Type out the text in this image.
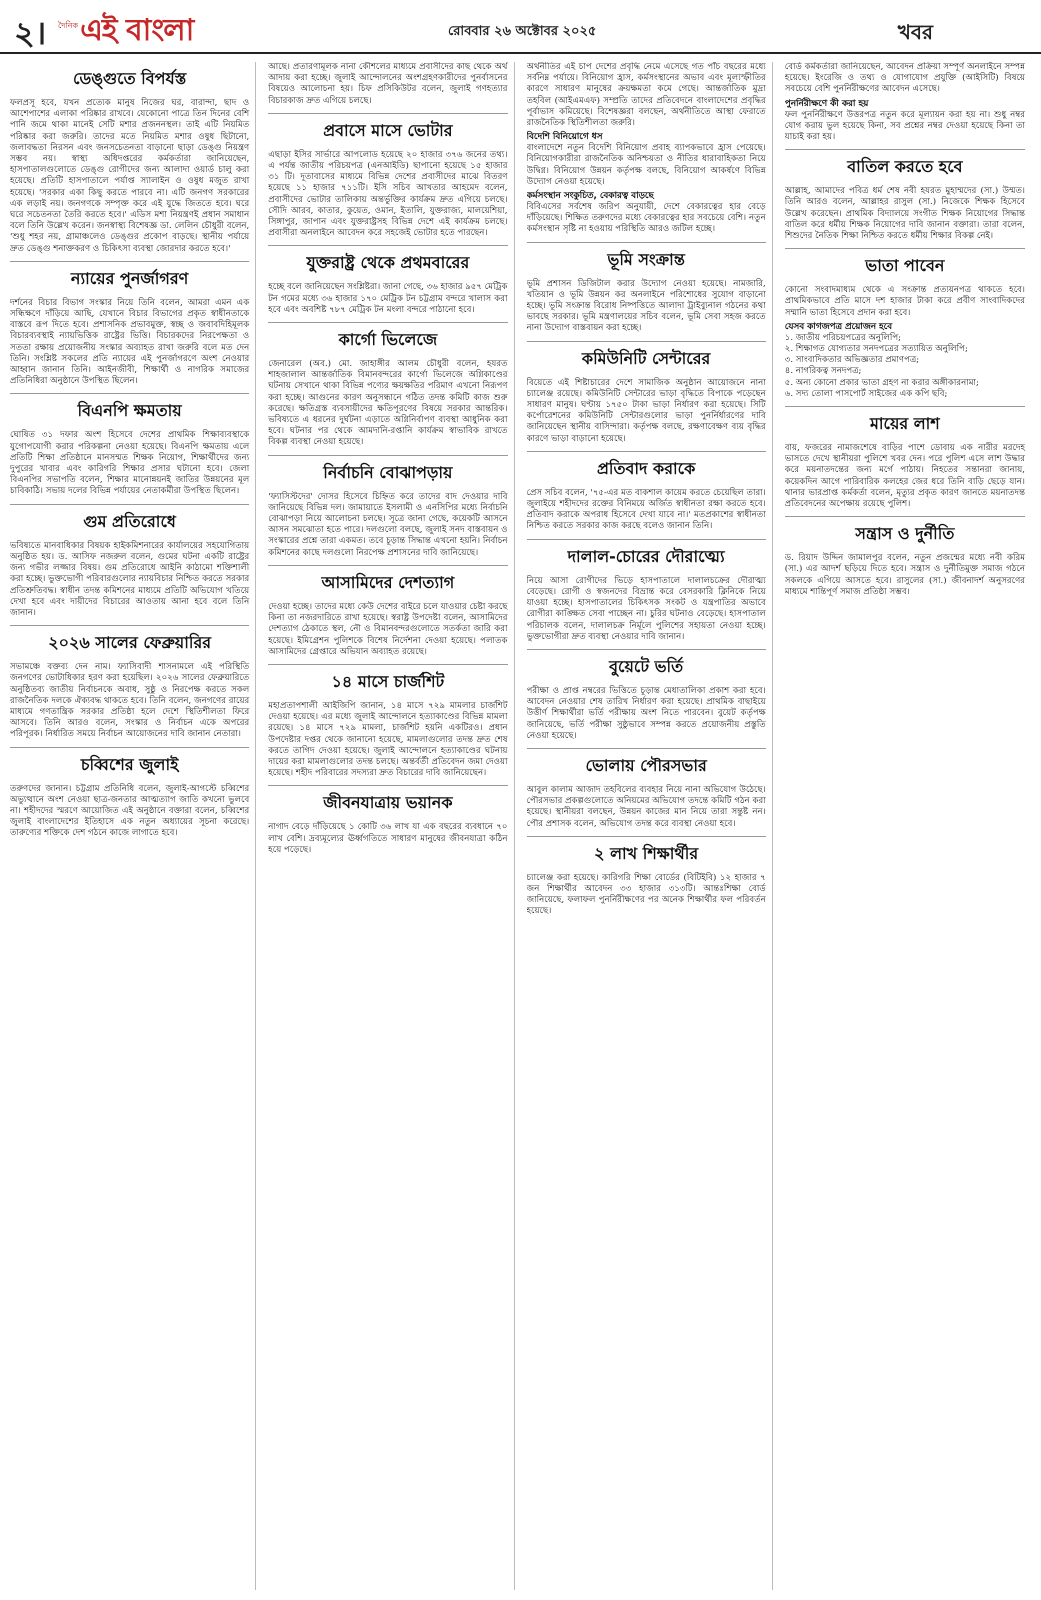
২। দৈনিক এই বাংলা	রোববার ২৬ অক্টোবর ২০২৫	খবর
ডেঙ্গুতে বিপর্যস্ত
ফলপ্রসূ হবে, যখন প্রত্যেক মানুষ নিজের ঘর, বারান্দা, ছাদ ও আশেপাশের এলাকা পরিষ্কার রাখবে। যেকোনো পাত্রে তিন দিনের বেশি পানি জমে থাকা মানেই সেটি মশার প্রজননস্থল। তাই এটি নিয়মিত পরিষ্কার করা জরুরি। তাদের মতে নিয়মিত মশার ওষুধ ছিটানো, জলাবদ্ধতা নিরসন এবং জনসচেতনতা বাড়ানো ছাড়া ডেঙ্গু নিয়ন্ত্রণ সম্ভব নয়। স্বাস্থ্য অধিদপ্তরের কর্মকর্তারা জানিয়েছেন, হাসপাতালগুলোতে ডেঙ্গু রোগীদের জন্য আলাদা ওয়ার্ড চালু করা হয়েছে। প্রতিটি হাসপাতালে পর্যাপ্ত স্যালাইন ও ওষুধ মজুত রাখা হয়েছে। 'সরকার একা কিছু করতে পারবে না। এটি জনগণ সরকারের এক লড়াই নয়। জনগণকে সম্পৃক্ত করে এই যুদ্ধে জিততে হবে। ঘরে ঘরে সচেতনতা তৈরি করতে হবে।' এডিস মশা নিয়ন্ত্রণই প্রধান সমাধান বলে তিনি উল্লেখ করেন। জনস্বাস্থ্য বিশেষজ্ঞ ডা. লেলিন চৌধুরী বলেন, 'শুধু শহর নয়, গ্রামাঞ্চলেও ডেঙ্গুর প্রকোপ বাড়ছে। স্থানীয় পর্যায়ে দ্রুত ডেঙ্গু শনাক্তকরণ ও চিকিৎসা ব্যবস্থা জোরদার করতে হবে।'
ন্যায়ের পুনর্জাগরণ
দর্শনের বিচার বিভাগ সংস্কার নিয়ে তিনি বলেন, আমরা এমন এক সন্ধিক্ষণে দাঁড়িয়ে আছি, যেখানে বিচার বিভাগের প্রকৃত স্বাধীনতাকে বাস্তবে রূপ দিতে হবে। প্রশাসনিক প্রভাবমুক্ত, স্বচ্ছ ও জবাবদিহিমূলক বিচারব্যবস্থাই ন্যায়ভিত্তিক রাষ্ট্রের ভিত্তি। বিচারকদের নিরপেক্ষতা ও সততা রক্ষায় প্রয়োজনীয় সংস্কার অব্যাহত রাখা জরুরি বলে মত দেন তিনি। সংশ্লিষ্ট সকলের প্রতি ন্যায়ের এই পুনর্জাগরণে অংশ নেওয়ার আহ্বান জানান তিনি। আইনজীবী, শিক্ষার্থী ও নাগরিক সমাজের প্রতিনিধিরা অনুষ্ঠানে উপস্থিত ছিলেন।
বিএনপি ক্ষমতায়
ঘোষিত ৩১ দফার অংশ হিসেবে দেশের প্রাথমিক শিক্ষাব্যবস্থাকে যুগোপযোগী করার পরিকল্পনা নেওয়া হয়েছে। বিএনপি ক্ষমতায় এলে প্রতিটি শিক্ষা প্রতিষ্ঠানে মানসম্মত শিক্ষক নিয়োগ, শিক্ষার্থীদের জন্য দুপুরের খাবার এবং কারিগরি শিক্ষার প্রসার ঘটানো হবে। জেলা বিএনপির সভাপতি বলেন, শিক্ষার মানোন্নয়নই জাতির উন্নয়নের মূল চাবিকাঠি। সভায় দলের বিভিন্ন পর্যায়ের নেতাকর্মীরা উপস্থিত ছিলেন।
গুম প্রতিরোধে
ভবিষ্যতে মানবাধিকার বিষয়ক হাইকমিশনারের কার্যালয়ের সহযোগিতায় অনুষ্ঠিত হয়। ড. আসিফ নজরুল বলেন, গুমের ঘটনা একটি রাষ্ট্রের জন্য গভীর লজ্জার বিষয়। গুম প্রতিরোধে আইনি কাঠামো শক্তিশালী করা হচ্ছে। ভুক্তভোগী পরিবারগুলোর ন্যায়বিচার নিশ্চিত করতে সরকার প্রতিশ্রুতিবদ্ধ। স্বাধীন তদন্ত কমিশনের মাধ্যমে প্রতিটি অভিযোগ খতিয়ে দেখা হবে এবং দায়ীদের বিচারের আওতায় আনা হবে বলে তিনি জানান।
২০২৬ সালের ফেব্রুয়ারির
সভামঞ্চে বক্তব্য দেন নাম। ফ্যাসিবাদী শাসনামলে এই পরিস্থিতি জনগণের ভোটাধিকার হরণ করা হয়েছিল। ২০২৬ সালের ফেব্রুয়ারিতে অনুষ্ঠিতব্য জাতীয় নির্বাচনকে অবাধ, সুষ্ঠু ও নিরপেক্ষ করতে সকল রাজনৈতিক দলকে ঐক্যবদ্ধ থাকতে হবে। তিনি বলেন, জনগণের রায়ের মাধ্যমে গণতান্ত্রিক সরকার প্রতিষ্ঠা হলে দেশে স্থিতিশীলতা ফিরে আসবে। তিনি আরও বলেন, সংস্কার ও নির্বাচন একে অপরের পরিপূরক। নির্ধারিত সময়ে নির্বাচন আয়োজনের দাবি জানান নেতারা।
চব্বিশের জুলাই
তরুণদের জানান। চট্টগ্রাম প্রতিনিধি বলেন, জুলাই-আগস্টে চব্বিশের অভ্যুত্থানে অংশ নেওয়া ছাত্র-জনতার আত্মত্যাগ জাতি কখনো ভুলবে না। শহীদদের স্মরণে আয়োজিত এই অনুষ্ঠানে বক্তারা বলেন, চব্বিশের জুলাই বাংলাদেশের ইতিহাসে এক নতুন অধ্যায়ের সূচনা করেছে। তারুণ্যের শক্তিকে দেশ গঠনে কাজে লাগাতে হবে।
আছে। প্রতারণামূলক নানা কৌশলের মাধ্যমে প্রবাসীদের কাছ থেকে অর্থ আদায় করা হচ্ছে। জুলাই আন্দোলনের অংশগ্রহণকারীদের পুনর্বাসনের বিষয়েও আলোচনা হয়। চিফ প্রসিকিউটর বলেন, জুলাই গণহত্যার বিচারকাজ দ্রুত এগিয়ে চলছে।
প্রবাসে মাসে ভোটার
এছাড়া ইসির সার্ভারে আপলোড হয়েছে ২০ হাজার ৩৭৬ জনের তথ্য। এ পর্যন্ত জাতীয় পরিচয়পত্র (এনআইডি) ছাপানো হয়েছে ১৫ হাজার ৩১ টি। দূতাবাসের মাধ্যমে বিভিন্ন দেশের প্রবাসীদের মাঝে বিতরণ হয়েছে ১১ হাজার ৭১১টি। ইসি সচিব আখতার আহমেদ বলেন, প্রবাসীদের ভোটার তালিকায় অন্তর্ভুক্তির কার্যক্রম দ্রুত এগিয়ে চলছে। সৌদি আরব, কাতার, কুয়েত, ওমান, ইতালি, যুক্তরাজ্য, মালয়েশিয়া, সিঙ্গাপুর, জাপান এবং যুক্তরাষ্ট্রসহ বিভিন্ন দেশে এই কার্যক্রম চলছে। প্রবাসীরা অনলাইনে আবেদন করে সহজেই ভোটার হতে পারছেন।
যুক্তরাষ্ট্র থেকে প্রথমবারের
হচ্ছে বলে জানিয়েছেন সংশ্লিষ্টরা। জানা গেছে, ৩৬ হাজার ৯৫৭ মেট্রিক টন গমের মধ্যে ৩৬ হাজার ১৭০ মেট্রিক টন চট্টগ্রাম বন্দরে খালাস করা হবে এবং অবশিষ্ট ৭৮৭ মেট্রিক টন মংলা বন্দরে পাঠানো হবে।
কার্গো ভিলেজে
জেনারেল (অব.) মো. জাহাঙ্গীর আলম চৌধুরী বলেন, হযরত শাহজালাল আন্তর্জাতিক বিমানবন্দরের কার্গো ভিলেজে অগ্নিকাণ্ডের ঘটনায় সেখানে থাকা বিভিন্ন পণ্যের ক্ষয়ক্ষতির পরিমাণ এখনো নিরূপণ করা হচ্ছে। আগুনের কারণ অনুসন্ধানে গঠিত তদন্ত কমিটি কাজ শুরু করেছে। ক্ষতিগ্রস্ত ব্যবসায়ীদের ক্ষতিপূরণের বিষয়ে সরকার আন্তরিক। ভবিষ্যতে এ ধরনের দুর্ঘটনা এড়াতে অগ্নিনির্বাপণ ব্যবস্থা আধুনিক করা হবে। ঘটনার পর থেকে আমদানি-রপ্তানি কার্যক্রম স্বাভাবিক রাখতে বিকল্প ব্যবস্থা নেওয়া হয়েছে।
নির্বাচনি বোঝাপড়ায়
'ফ্যাসিস্টদের' দোসর হিসেবে চিহ্নিত করে তাদের বাদ দেওয়ার দাবি জানিয়েছে বিভিন্ন দল। জামায়াতে ইসলামী ও এনসিপির মধ্যে নির্বাচনি বোঝাপড়া নিয়ে আলোচনা চলছে। সূত্রে জানা গেছে, কয়েকটি আসনে আসন সমঝোতা হতে পারে। দলগুলো বলছে, জুলাই সনদ বাস্তবায়ন ও সংস্কারের প্রশ্নে তারা একমত। তবে চূড়ান্ত সিদ্ধান্ত এখনো হয়নি। নির্বাচন কমিশনের কাছে দলগুলো নিরপেক্ষ প্রশাসনের দাবি জানিয়েছে।
আসামিদের দেশত্যাগ
দেওয়া হচ্ছে। তাদের মধ্যে কেউ দেশের বাইরে চলে যাওয়ার চেষ্টা করছে কিনা তা নজরদারিতে রাখা হয়েছে। স্বরাষ্ট্র উপদেষ্টা বলেন, আসামিদের দেশত্যাগ ঠেকাতে স্থল, নৌ ও বিমানবন্দরগুলোতে সতর্কতা জারি করা হয়েছে। ইমিগ্রেশন পুলিশকে বিশেষ নির্দেশনা দেওয়া হয়েছে। পলাতক আসামিদের গ্রেপ্তারে অভিযান অব্যাহত রয়েছে।
১৪ মাসে চার্জশিট
মহাপ্রতাপশালী আইজিপি জানান, ১৪ মাসে ৭২৯ মামলার চার্জশিট দেওয়া হয়েছে। এর মধ্যে জুলাই আন্দোলনে হত্যাকাণ্ডের বিভিন্ন মামলা রয়েছে। ১৪ মাসে ৭২৯ মামলা, চার্জশিট হয়নি একটিরও। প্রধান উপদেষ্টার দপ্তর থেকে জানানো হয়েছে, মামলাগুলোর তদন্ত দ্রুত শেষ করতে তাগিদ দেওয়া হয়েছে। জুলাই আন্দোলনে হত্যাকাণ্ডের ঘটনায় দায়ের করা মামলাগুলোর তদন্ত চলছে। অন্তর্বর্তী প্রতিবেদন জমা দেওয়া হয়েছে। শহীদ পরিবারের সদস্যরা দ্রুত বিচারের দাবি জানিয়েছেন।
জীবনযাত্রায় ভয়ানক
নাগাদ বেড়ে দাঁড়িয়েছে ১ কোটি ৩৬ লাখ যা এক বছরের ব্যবধানে ৭০ লাখ বেশি। দ্রব্যমূল্যের ঊর্ধ্বগতিতে সাধারণ মানুষের জীবনযাত্রা কঠিন হয়ে পড়েছে।
অর্থনীতির এই চাপ দেশের প্রবৃদ্ধি নেমে এসেছে গত পাঁচ বছরের মধ্যে সর্বনিম্ন পর্যায়ে। বিনিয়োগ হ্রাস, কর্মসংস্থানের অভাব এবং মূল্যস্ফীতির কারণে সাধারণ মানুষের ক্রয়ক্ষমতা কমে গেছে। আন্তর্জাতিক মুদ্রা তহবিল (আইএমএফ) সম্প্রতি তাদের প্রতিবেদনে বাংলাদেশের প্রবৃদ্ধির পূর্বাভাস কমিয়েছে। বিশেষজ্ঞরা বলছেন, অর্থনীতিতে আস্থা ফেরাতে রাজনৈতিক স্থিতিশীলতা জরুরি।
বিদেশি বিনিয়োগে ধস
বাংলাদেশে নতুন বিদেশি বিনিয়োগ প্রবাহ ব্যাপকভাবে হ্রাস পেয়েছে। বিনিয়োগকারীরা রাজনৈতিক অনিশ্চয়তা ও নীতির ধারাবাহিকতা নিয়ে উদ্বিগ্ন। বিনিয়োগ উন্নয়ন কর্তৃপক্ষ বলছে, বিনিয়োগ আকর্ষণে বিভিন্ন উদ্যোগ নেওয়া হয়েছে।
কর্মসংস্থান সংকুচিত, বেকারত্ব বাড়ছে
বিবিএসের সর্বশেষ জরিপ অনুযায়ী, দেশে বেকারত্বের হার বেড়ে দাঁড়িয়েছে। শিক্ষিত তরুণদের মধ্যে বেকারত্বের হার সবচেয়ে বেশি। নতুন কর্মসংস্থান সৃষ্টি না হওয়ায় পরিস্থিতি আরও জটিল হচ্ছে।
ভূমি সংক্রান্ত
ভূমি প্রশাসন ডিজিটাল করার উদ্যোগ নেওয়া হয়েছে। নামজারি, খতিয়ান ও ভূমি উন্নয়ন কর অনলাইনে পরিশোধের সুযোগ বাড়ানো হচ্ছে। ভূমি সংক্রান্ত বিরোধ নিষ্পত্তিতে আলাদা ট্রাইব্যুনাল গঠনের কথা ভাবছে সরকার। ভূমি মন্ত্রণালয়ের সচিব বলেন, ভূমি সেবা সহজ করতে নানা উদ্যোগ বাস্তবায়ন করা হচ্ছে।
কমিউনিটি সেন্টারের
বিয়েতে এই শিষ্টাচারের দেশে সামাজিক অনুষ্ঠান আয়োজনে নানা চ্যালেঞ্জ রয়েছে। কমিউনিটি সেন্টারের ভাড়া বৃদ্ধিতে বিপাকে পড়েছেন সাধারণ মানুষ। ঘণ্টায় ১৭৫০ টাকা ভাড়া নির্ধারণ করা হয়েছে। সিটি কর্পোরেশনের কমিউনিটি সেন্টারগুলোর ভাড়া পুনর্নির্ধারণের দাবি জানিয়েছেন স্থানীয় বাসিন্দারা। কর্তৃপক্ষ বলছে, রক্ষণাবেক্ষণ ব্যয় বৃদ্ধির কারণে ভাড়া বাড়ানো হয়েছে।
প্রতিবাদ করাকে
প্রেস সচিব বলেন, '৭৫-এর মত বাকশাল কায়েম করতে চেয়েছিল তারা। জুলাইয়ে শহীদদের রক্তের বিনিময়ে অর্জিত স্বাধীনতা রক্ষা করতে হবে। প্রতিবাদ করাকে অপরাধ হিসেবে দেখা যাবে না।' মতপ্রকাশের স্বাধীনতা নিশ্চিত করতে সরকার কাজ করছে বলেও জানান তিনি।
দালাল-চোরের দৌরাত্ম্যে
নিয়ে আসা রোগীদের ভিড়ে হাসপাতালে দালালচক্রের দৌরাত্ম্য বেড়েছে। রোগী ও স্বজনদের বিভ্রান্ত করে বেসরকারি ক্লিনিকে নিয়ে যাওয়া হচ্ছে। হাসপাতালের চিকিৎসক সংকট ও যন্ত্রপাতির অভাবে রোগীরা কাঙ্ক্ষিত সেবা পাচ্ছেন না। চুরির ঘটনাও বেড়েছে। হাসপাতাল পরিচালক বলেন, দালালচক্র নির্মূলে পুলিশের সহায়তা নেওয়া হচ্ছে। ভুক্তভোগীরা দ্রুত ব্যবস্থা নেওয়ার দাবি জানান।
বুয়েটে ভর্তি
পরীক্ষা ও প্রাপ্ত নম্বরের ভিত্তিতে চূড়ান্ত মেধাতালিকা প্রকাশ করা হবে। আবেদন নেওয়ার শেষ তারিখ নির্ধারণ করা হয়েছে। প্রাথমিক বাছাইয়ে উত্তীর্ণ শিক্ষার্থীরা ভর্তি পরীক্ষায় অংশ নিতে পারবেন। বুয়েট কর্তৃপক্ষ জানিয়েছে, ভর্তি পরীক্ষা সুষ্ঠুভাবে সম্পন্ন করতে প্রয়োজনীয় প্রস্তুতি নেওয়া হয়েছে।
ভোলায় পৌরসভার
আবুল কালাম আজাদ তহবিলের ব্যবহার নিয়ে নানা অভিযোগ উঠেছে। পৌরসভার প্রকল্পগুলোতে অনিয়মের অভিযোগ তদন্তে কমিটি গঠন করা হয়েছে। স্থানীয়রা বলছেন, উন্নয়ন কাজের মান নিয়ে তারা সন্তুষ্ট নন। পৌর প্রশাসক বলেন, অভিযোগ তদন্ত করে ব্যবস্থা নেওয়া হবে।
২ লাখ শিক্ষার্থীর
চ্যালেঞ্জ করা হয়েছে। কারিগরি শিক্ষা বোর্ডের (বিটিইবি) ১২ হাজার ৭ জন শিক্ষার্থীর আবেদন ৩৩ হাজার ৩১৩টি। আন্তঃশিক্ষা বোর্ড জানিয়েছে, ফলাফল পুনর্নিরীক্ষণের পর অনেক শিক্ষার্থীর ফল পরিবর্তন হয়েছে।
বোর্ড কর্মকর্তারা জানিয়েছেন, আবেদন প্রক্রিয়া সম্পূর্ণ অনলাইনে সম্পন্ন হয়েছে। ইংরেজি ও তথ্য ও যোগাযোগ প্রযুক্তি (আইসিটি) বিষয়ে সবচেয়ে বেশি পুনর্নিরীক্ষণের আবেদন এসেছে।
পুনর্নিরীক্ষণে কী করা হয়
ফল পুনর্নিরীক্ষণে উত্তরপত্র নতুন করে মূল্যায়ন করা হয় না। শুধু নম্বর যোগ করায় ভুল হয়েছে কিনা, সব প্রশ্নের নম্বর দেওয়া হয়েছে কিনা তা যাচাই করা হয়।
বাতিল করতে হবে
আল্লাহ, আমাদের পবিত্র ধর্ম শেষ নবী হযরত মুহাম্মদের (সা.) উম্মত। তিনি আরও বলেন, আল্লাহর রাসুল (সা.) নিজেকে শিক্ষক হিসেবে উল্লেখ করেছেন। প্রাথমিক বিদ্যালয়ে সংগীত শিক্ষক নিয়োগের সিদ্ধান্ত বাতিল করে ধর্মীয় শিক্ষক নিয়োগের দাবি জানান বক্তারা। তারা বলেন, শিশুদের নৈতিক শিক্ষা নিশ্চিত করতে ধর্মীয় শিক্ষার বিকল্প নেই।
ভাতা পাবেন
কোনো সংবাদমাধ্যম থেকে এ সংক্রান্ত প্রত্যয়নপত্র থাকতে হবে। প্রাথমিকভাবে প্রতি মাসে দশ হাজার টাকা করে প্রবীণ সাংবাদিকদের সম্মানি ভাতা হিসেবে প্রদান করা হবে।
যেসব কাগজপত্র প্রয়োজন হবে
১. জাতীয় পরিচয়পত্রের অনুলিপি;
২. শিক্ষাগত যোগ্যতার সনদপত্রের সত্যায়িত অনুলিপি;
৩. সাংবাদিকতার অভিজ্ঞতার প্রমাণপত্র;
৪. নাগরিকত্ব সনদপত্র;
৫. অন্য কোনো প্রকার ভাতা গ্রহণ না করার অঙ্গীকারনামা;
৬. সদ্য তোলা পাসপোর্ট সাইজের এক কপি ছবি;
মায়ের লাশ
বায়, ফজরের নামাজশেষে বাড়ির পাশে ডোবায় এক নারীর মরদেহ ভাসতে দেখে স্থানীয়রা পুলিশে খবর দেন। পরে পুলিশ এসে লাশ উদ্ধার করে ময়নাতদন্তের জন্য মর্গে পাঠায়। নিহতের সন্তানরা জানায়, কয়েকদিন আগে পারিবারিক কলহের জের ধরে তিনি বাড়ি ছেড়ে যান। থানার ভারপ্রাপ্ত কর্মকর্তা বলেন, মৃত্যুর প্রকৃত কারণ জানতে ময়নাতদন্ত প্রতিবেদনের অপেক্ষায় রয়েছে পুলিশ।
সন্ত্রাস ও দুর্নীতি
ড. রিয়াদ উদ্দিন জামালপুর বলেন, নতুন প্রজন্মের মধ্যে নবী করিম (সা.) এর আদর্শ ছড়িয়ে দিতে হবে। সন্ত্রাস ও দুর্নীতিমুক্ত সমাজ গঠনে সকলকে এগিয়ে আসতে হবে। রাসুলের (সা.) জীবনাদর্শ অনুসরণের মাধ্যমে শান্তিপূর্ণ সমাজ প্রতিষ্ঠা সম্ভব।
